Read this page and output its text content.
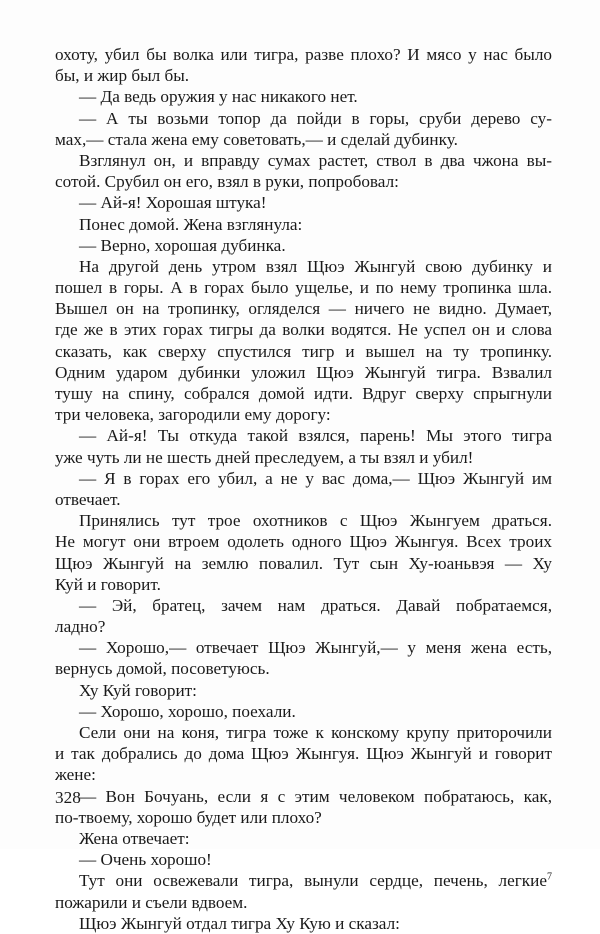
охоту, убил бы волка или тигра, разве плохо? И мясо у нас было
бы, и жир был бы.
— Да ведь оружия у нас никакого нет.
— А ты возьми топор да пойди в горы, сруби дерево су-
мах,— стала жена ему советовать,— и сделай дубинку.
Взглянул он, и вправду сумах растет, ствол в два чжона вы-
сотой. Срубил он его, взял в руки, попробовал:
— Ай-я! Хорошая штука!
Понес домой. Жена взглянула:
— Верно, хорошая дубинка.
На другой день утром взял Щюэ Жынгуй свою дубинку и
пошел в горы. А в горах было ущелье, и по нему тропинка шла.
Вышел он на тропинку, огляделся — ничего не видно. Думает,
где же в этих горах тигры да волки водятся. Не успел он и слова
сказать, как сверху спустился тигр и вышел на ту тропинку.
Одним ударом дубинки уложил Щюэ Жынгуй тигра. Взвалил
тушу на спину, собрался домой идти. Вдруг сверху спрыгнули
три человека, загородили ему дорогу:
— Ай-я! Ты откуда такой взялся, парень! Мы этого тигра
уже чуть ли не шесть дней преследуем, а ты взял и убил!
— Я в горах его убил, а не у вас дома,— Щюэ Жынгуй им
отвечает.
Принялись тут трое охотников с Щюэ Жынгуем драться.
Не могут они втроем одолеть одного Щюэ Жынгуя. Всех троих
Щюэ Жынгуй на землю повалил. Тут сын Ху-юаньвэя — Ху
Куй и говорит.
— Эй, братец, зачем нам драться. Давай побратаемся,
ладно?
— Хорошо,— отвечает Щюэ Жынгуй,— у меня жена есть,
вернусь домой, посоветуюсь.
Ху Куй говорит:
— Хорошо, хорошо, поехали.
Сели они на коня, тигра тоже к конскому крупу приторочили
и так добрались до дома Щюэ Жынгуя. Щюэ Жынгуй и говорит
жене:
— Вон Бочуань, если я с этим человеком побратаюсь, как,
по-твоему, хорошо будет или плохо?
Жена отвечает:
— Очень хорошо!
Тут они освежевали тигра, вынули сердце, печень, легкие$^7$
пожарили и съели вдвоем.
Щюэ Жынгуй отдал тигра Ху Кую и сказал:
328
